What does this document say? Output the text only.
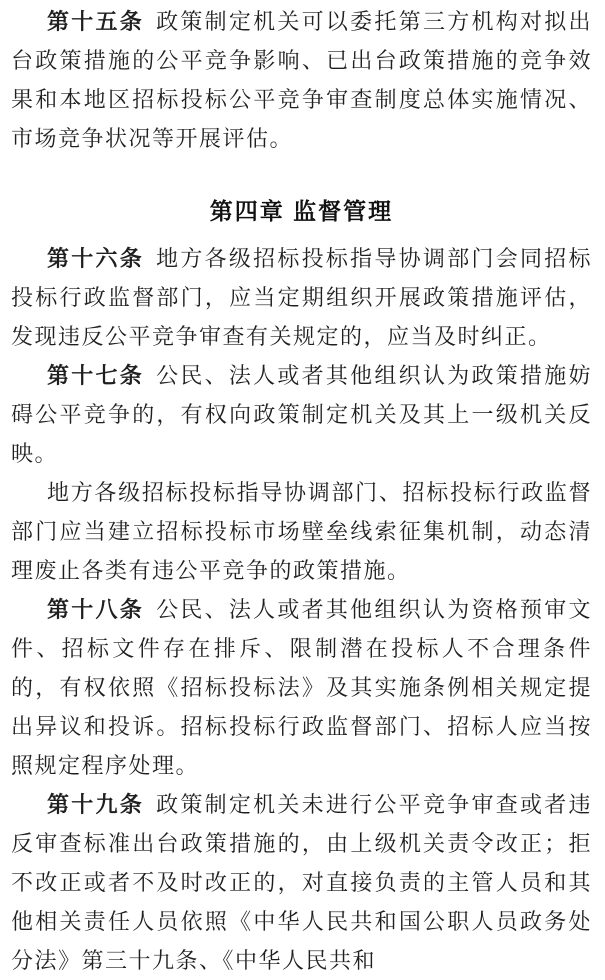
第十五条 政策制定机关可以委托第三方机构对拟出台政策措施的公平竞争影响、已出台政策措施的竞争效果和本地区招标投标公平竞争审查制度总体实施情况、市场竞争状况等开展评估。

第四章 监督管理

第十六条 地方各级招标投标指导协调部门会同招标投标行政监督部门，应当定期组织开展政策措施评估，发现违反公平竞争审查有关规定的，应当及时纠正。

第十七条 公民、法人或者其他组织认为政策措施妨碍公平竞争的，有权向政策制定机关及其上一级机关反映。

地方各级招标投标指导协调部门、招标投标行政监督部门应当建立招标投标市场壁垒线索征集机制，动态清理废止各类有违公平竞争的政策措施。

第十八条 公民、法人或者其他组织认为资格预审文件、招标文件存在排斥、限制潜在投标人不合理条件的，有权依照《招标投标法》及其实施条例相关规定提出异议和投诉。招标投标行政监督部门、招标人应当按照规定程序处理。

第十九条 政策制定机关未进行公平竞争审查或者违反审查标准出台政策措施的，由上级机关责令改正；拒不改正或者不及时改正的，对直接负责的主管人员和其他相关责任人员依照《中华人民共和国公职人员政务处分法》第三十九条、《中华人民共和
